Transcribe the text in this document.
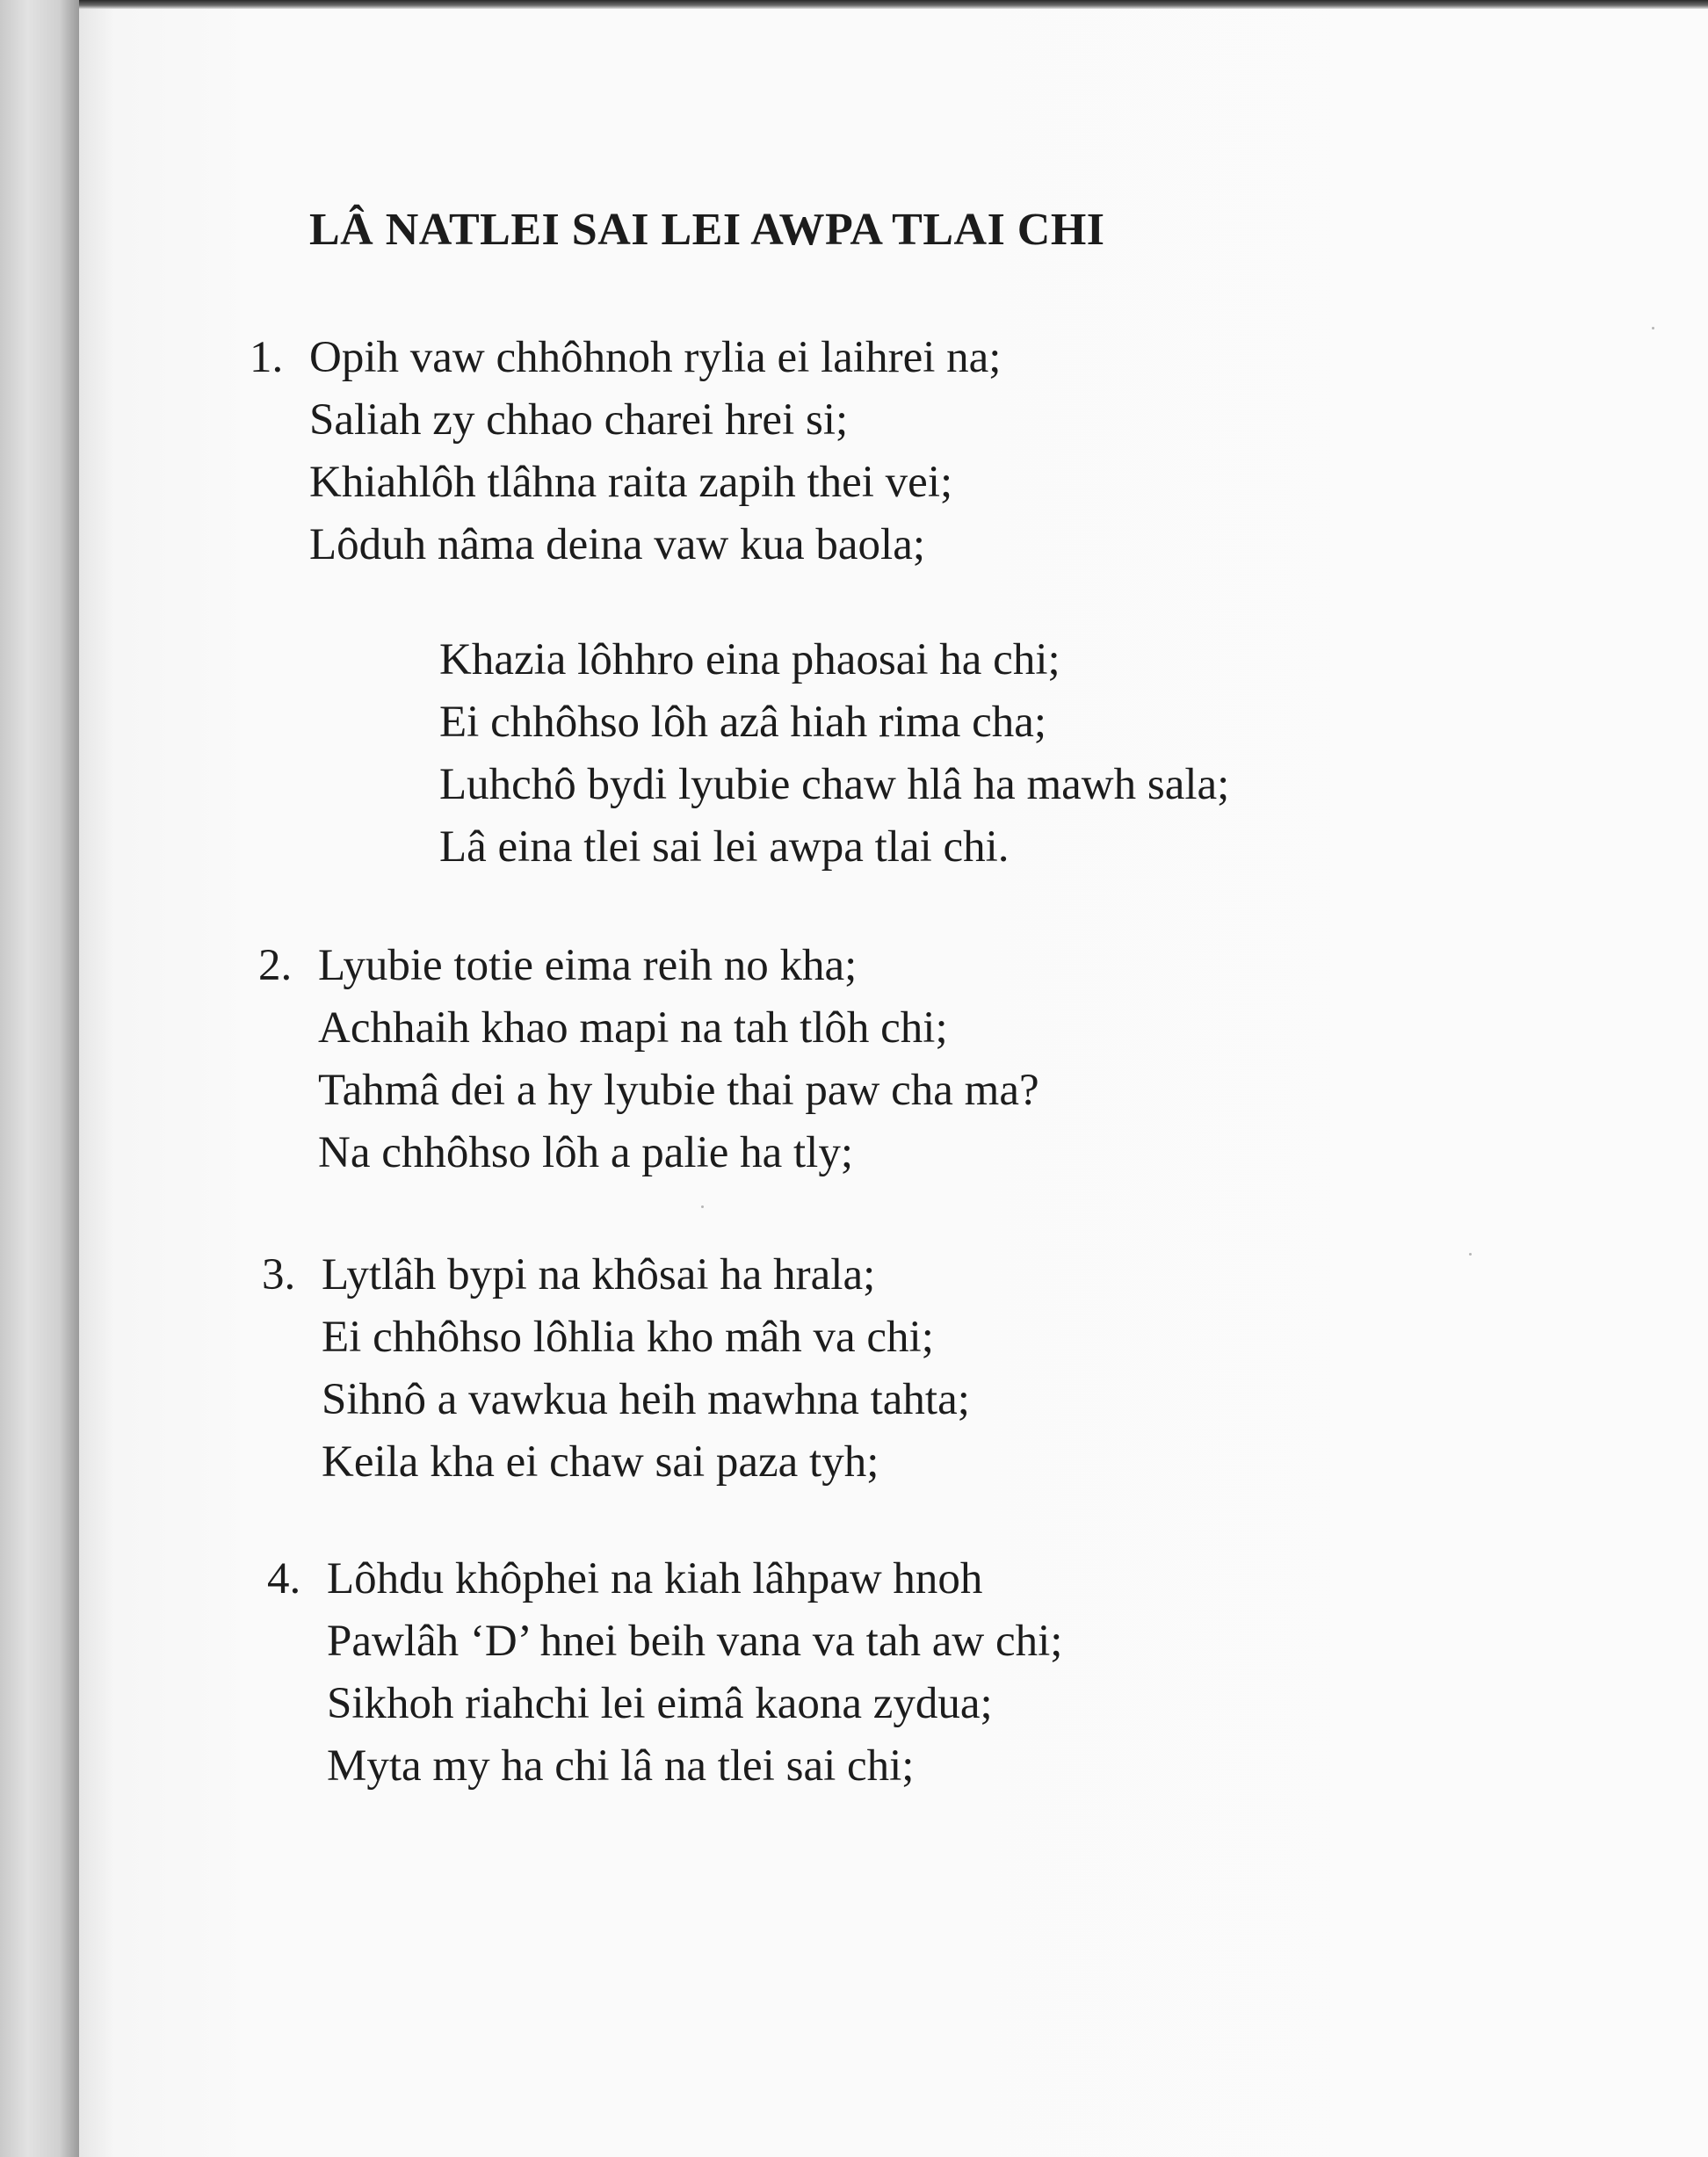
LÂ NATLEI SAI LEI AWPA TLAI CHI
1. Opih vaw chhôhnoh rylia ei laihrei na;
Saliah zy chhao charei hrei si;
Khiahlôh tlâhna raita zapih thei vei;
Lôduh nâma deina vaw kua baola;
Khazia lôhhro eina phaosai ha chi;
Ei chhôhso lôh azâ hiah rima cha;
Luhchô bydi lyubie chaw hlâ ha mawh sala;
Lâ eina tlei sai lei awpa tlai chi.
2. Lyubie totie eima reih no kha;
Achhaih khao mapi na tah tlôh chi;
Tahmâ dei a hy lyubie thai paw cha ma?
Na chhôhso lôh a palie ha tly;
3. Lytlâh bypi na khôsai ha hrala;
Ei chhôhso lôhlia kho mâh va chi;
Sihnô a vawkua heih mawhna tahta;
Keila kha ei chaw sai paza tyh;
4. Lôhdu khôphei na kiah lâhpaw hnoh
Pawlâh ‘D’ hnei beih vana va tah aw chi;
Sikhoh riahchi lei eimâ kaona zydua;
Myta my ha chi lâ na tlei sai chi;
